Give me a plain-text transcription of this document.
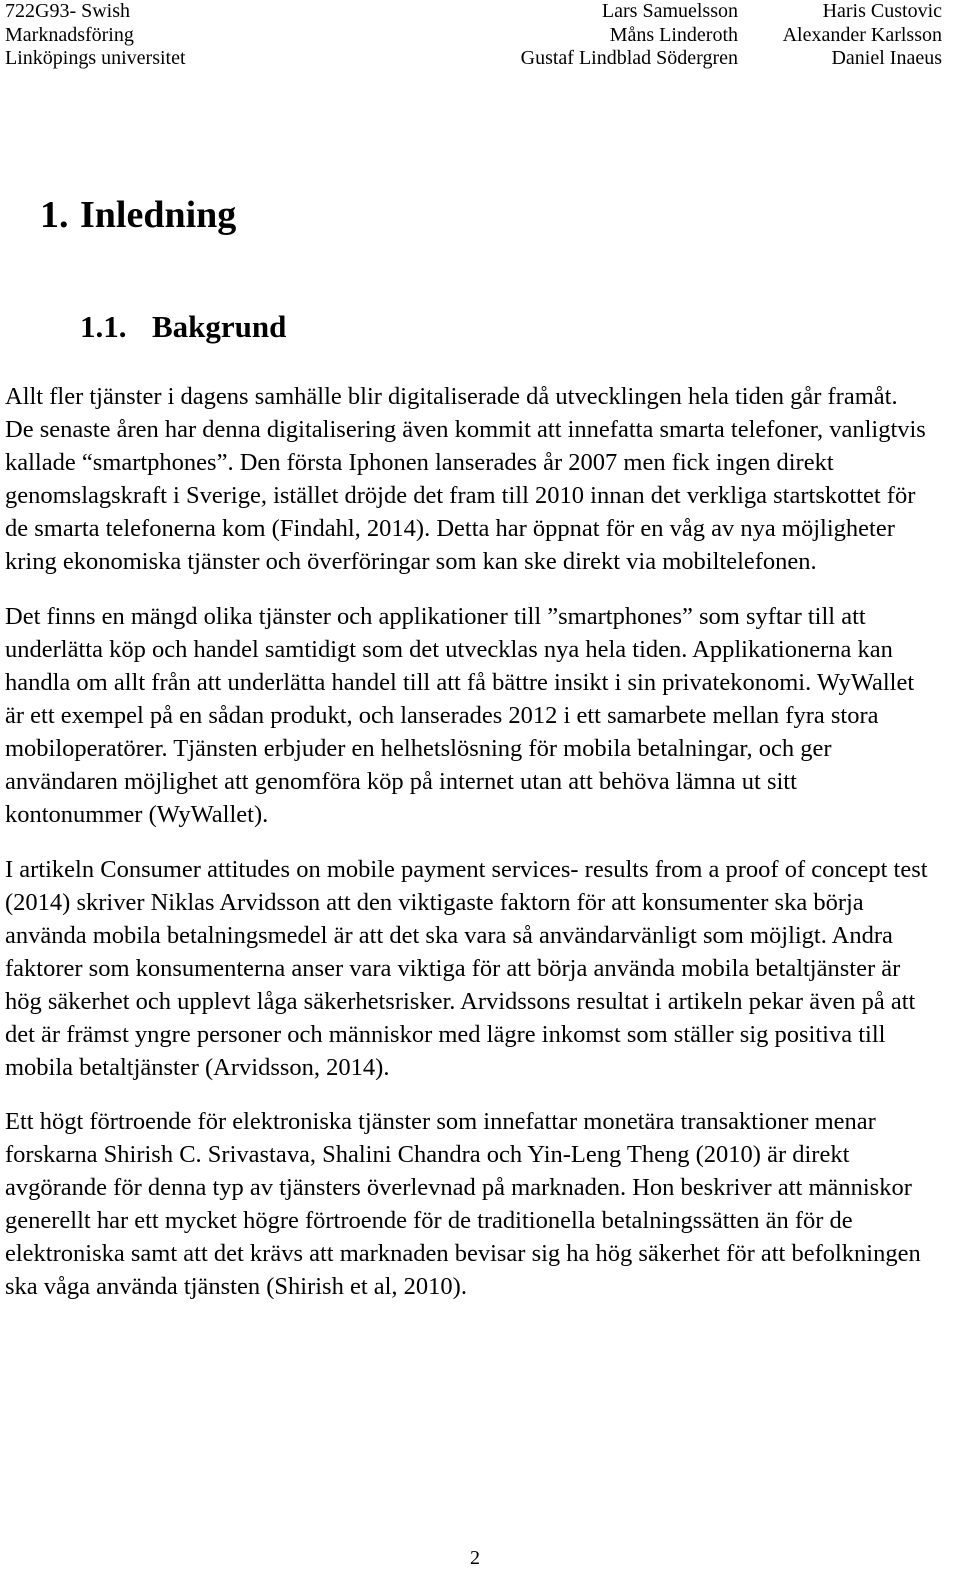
722G93- Swish
Marknadsföring
Linköpings universitet
Lars Samuelsson
Måns Linderoth
Gustaf Lindblad Södergren
Haris Custovic
Alexander Karlsson
Daniel Inaeus
1. Inledning
1.1. Bakgrund
Allt fler tjänster i dagens samhälle blir digitaliserade då utvecklingen hela tiden går framåt.
De senaste åren har denna digitalisering även kommit att innefatta smarta telefoner, vanligtvis
kallade “smartphones”. Den första Iphonen lanserades år 2007 men fick ingen direkt
genomslagskraft i Sverige, istället dröjde det fram till 2010 innan det verkliga startskottet för
de smarta telefonerna kom (Findahl, 2014). Detta har öppnat för en våg av nya möjligheter
kring ekonomiska tjänster och överföringar som kan ske direkt via mobiltelefonen.
Det finns en mängd olika tjänster och applikationer till ”smartphones” som syftar till att
underlätta köp och handel samtidigt som det utvecklas nya hela tiden. Applikationerna kan
handla om allt från att underlätta handel till att få bättre insikt i sin privatekonomi. WyWallet
är ett exempel på en sådan produkt, och lanserades 2012 i ett samarbete mellan fyra stora
mobiloperatörer. Tjänsten erbjuder en helhetslösning för mobila betalningar, och ger
användaren möjlighet att genomföra köp på internet utan att behöva lämna ut sitt
kontonummer (WyWallet).
I artikeln Consumer attitudes on mobile payment services- results from a proof of concept test
(2014) skriver Niklas Arvidsson att den viktigaste faktorn för att konsumenter ska börja
använda mobila betalningsmedel är att det ska vara så användarvänligt som möjligt. Andra
faktorer som konsumenterna anser vara viktiga för att börja använda mobila betaltjänster är
hög säkerhet och upplevt låga säkerhetsrisker. Arvidssons resultat i artikeln pekar även på att
det är främst yngre personer och människor med lägre inkomst som ställer sig positiva till
mobila betaltjänster (Arvidsson, 2014).
Ett högt förtroende för elektroniska tjänster som innefattar monetära transaktioner menar
forskarna Shirish C. Srivastava, Shalini Chandra och Yin-Leng Theng (2010) är direkt
avgörande för denna typ av tjänsters överlevnad på marknaden. Hon beskriver att människor
generellt har ett mycket högre förtroende för de traditionella betalningssätten än för de
elektroniska samt att det krävs att marknaden bevisar sig ha hög säkerhet för att befolkningen
ska våga använda tjänsten (Shirish et al, 2010).
2
